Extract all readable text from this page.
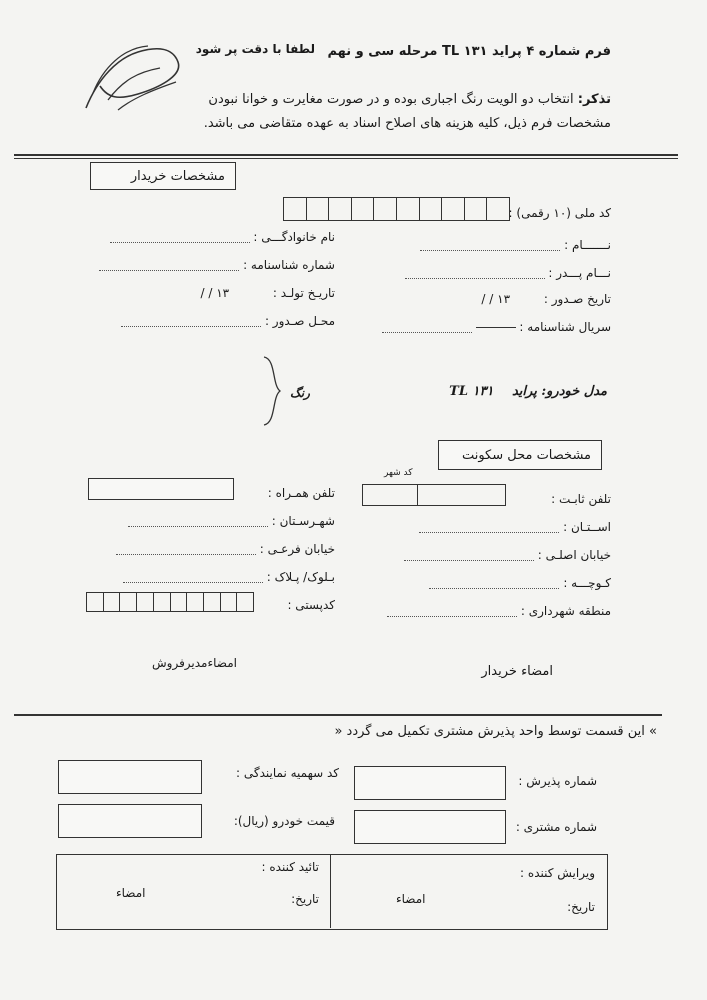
فرم شماره ۴ پراید ۱۳۱ TL مرحله سی و نهم
لطفا با دقت پر شود
تذکر: انتخاب دو الویت رنگ اجباری بوده و در صورت مغایرت و خوانا نبودن
مشخصات فرم ذیل، کلیه هزینه های اصلاح اسناد به عهده متقاضی می باشد.
مشخصات خریدار
کد ملی (۱۰ رقمی) :
نـــــــام :
نام خانوادگـــی :
نـــام پـــدر :
شماره شناسنامه :
تاریخ صـدور : ۱۳ / /
تاریـخ تولـد : ۱۳ / /
سریال شناسنامه :
محـل صـدور :
مدل خودرو: پراید TL ۱۳۱
رنگ
مشخصات محل سکونت
کد شهر
تلفن ثابـت :
تلفن همـراه :
اســتـان :
شهـرسـتان :
خیابان اصلـی :
خیابان فرعـی :
کـوچـــه :
بـلوک/ پـلاک :
منطقه شهرداری :
کدپستی :
امضاء خریدار
امضاءمدیرفروش
» این قسمت توسط واحد پذیرش مشتری تکمیل می گردد «
شماره پذیرش :
کد سهمیه نمایندگی :
شماره مشتری :
قیمت خودرو (ریال):
ویرایش کننده :
تاریخ:
امضاء
تائید کننده :
تاریخ:
امضاء
